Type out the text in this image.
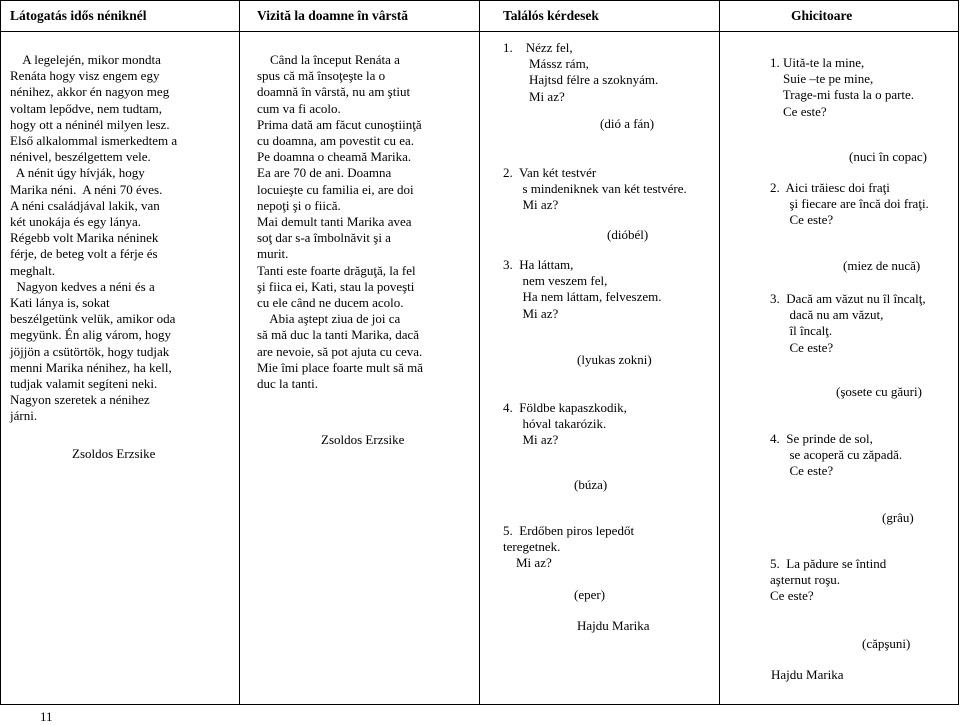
Látogatás idős néniknél	Vizită la doamne în vârstă	Találós kérdesek	Ghicitoare
A legelején, mikor mondta
Renáta hogy visz engem egy
nénihez, akkor én nagyon meg
voltam lepődve, nem tudtam,
hogy ott a néninél milyen lesz.
Első alkalommal ismerkedtem a
nénivel, beszélgettem vele.
A nénit úgy hívják, hogy
Marika néni.  A néni 70 éves.
A néni családjával lakik, van
két unokája és egy lánya.
Régebb volt Marika néninek
férje, de beteg volt a férje és
meghalt.
Nagyon kedves a néni és a
Kati lánya is, sokat
beszélgetünk velük, amikor oda
megyünk. Én alig várom, hogy
jöjjön a csütörtök, hogy tudjak
menni Marika nénihez, ha kell,
tudjak valamit segíteni neki.
Nagyon szeretek a nénihez
járni.
Zsoldos Erzsike
Când la început Renáta a
spus că mă însoţeşte la o
doamnă în vârstă, nu am ştiut
cum va fi acolo.
Prima dată am făcut cunoştiinţă
cu doamna, am povestit cu ea.
Pe doamna o cheamă Marika.
Ea are 70 de ani. Doamna
locuieşte cu familia ei, are doi
nepoţi şi o fiică.
Mai demult tanti Marika avea
soţ dar s-a îmbolnăvit şi a
murit.
Tanti este foarte drăguţă, la fel
şi fiica ei, Kati, stau la poveşti
cu ele când ne ducem acolo.
Abia aştept ziua de joi ca
să mă duc la tanti Marika, dacă
are nevoie, să pot ajuta cu ceva.
Mie îmi place foarte mult să mă
duc la tanti.
Zsoldos Erzsike
1.    Nézz fel,
Mássz rám,
Hajtsd félre a szoknyám.
Mi az?
(dió a fán)
2.  Van két testvér
s mindeniknek van két testvére.
Mi az?
(dióbél)
3.  Ha láttam,
nem veszem fel,
Ha nem láttam, felveszem.
Mi az?
(lyukas zokni)
4.  Földbe kapaszkodik,
hóval takarózik.
Mi az?
(búza)
5.  Erdőben piros lepedőt
teregetnek.
Mi az?
(eper)
Hajdu Marika
1. Uită-te la mine,
Suie –te pe mine,
Trage-mi fusta la o parte.
Ce este?
(nuci în copac)
2.  Aici trăiesc doi fraţi
şi fiecare are încă doi fraţi.
Ce este?
(miez de nucă)
3.  Dacă am văzut nu îl încalţ,
dacă nu am văzut,
îl încalţ.
Ce este?
(şosete cu găuri)
4.  Se prinde de sol,
se acoperă cu zăpadă.
Ce este?
(grâu)
5.  La pădure se întind
aşternut roşu.
Ce este?
(căpşuni)
Hajdu Marika
11
